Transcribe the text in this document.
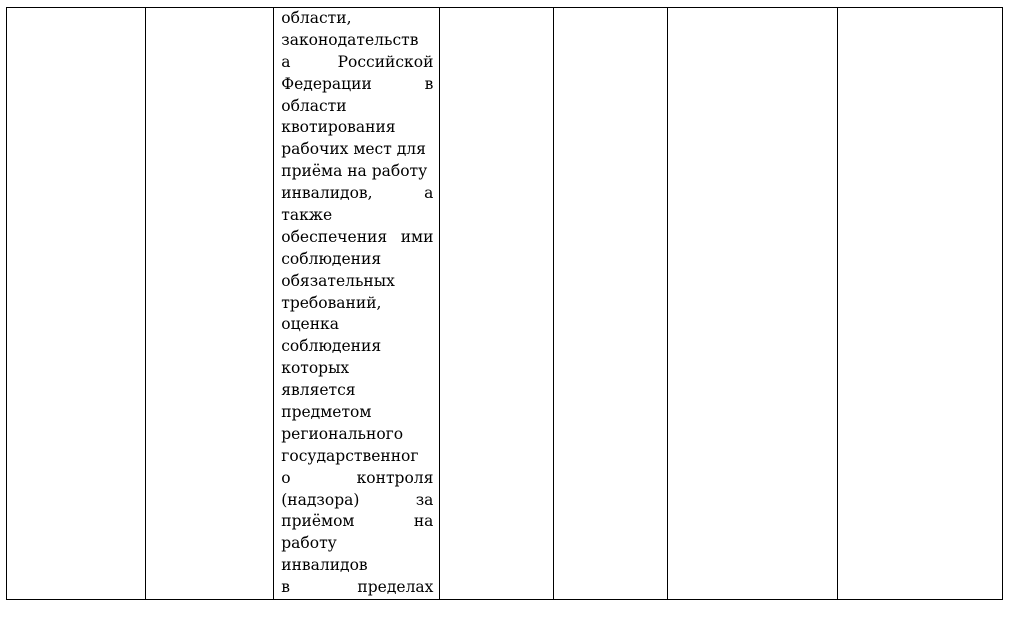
области,
законодательств
а	Российской
Федерации	в
области
квотирования
рабочих мест для
приёма на работу
инвалидов,	а
также
обеспечения ими
соблюдения
обязательных
требований,
оценка
соблюдения
которых
является
предметом
регионального
государственног
о	контроля
(надзора)	за
приёмом	на
работу
инвалидов
в	пределах
